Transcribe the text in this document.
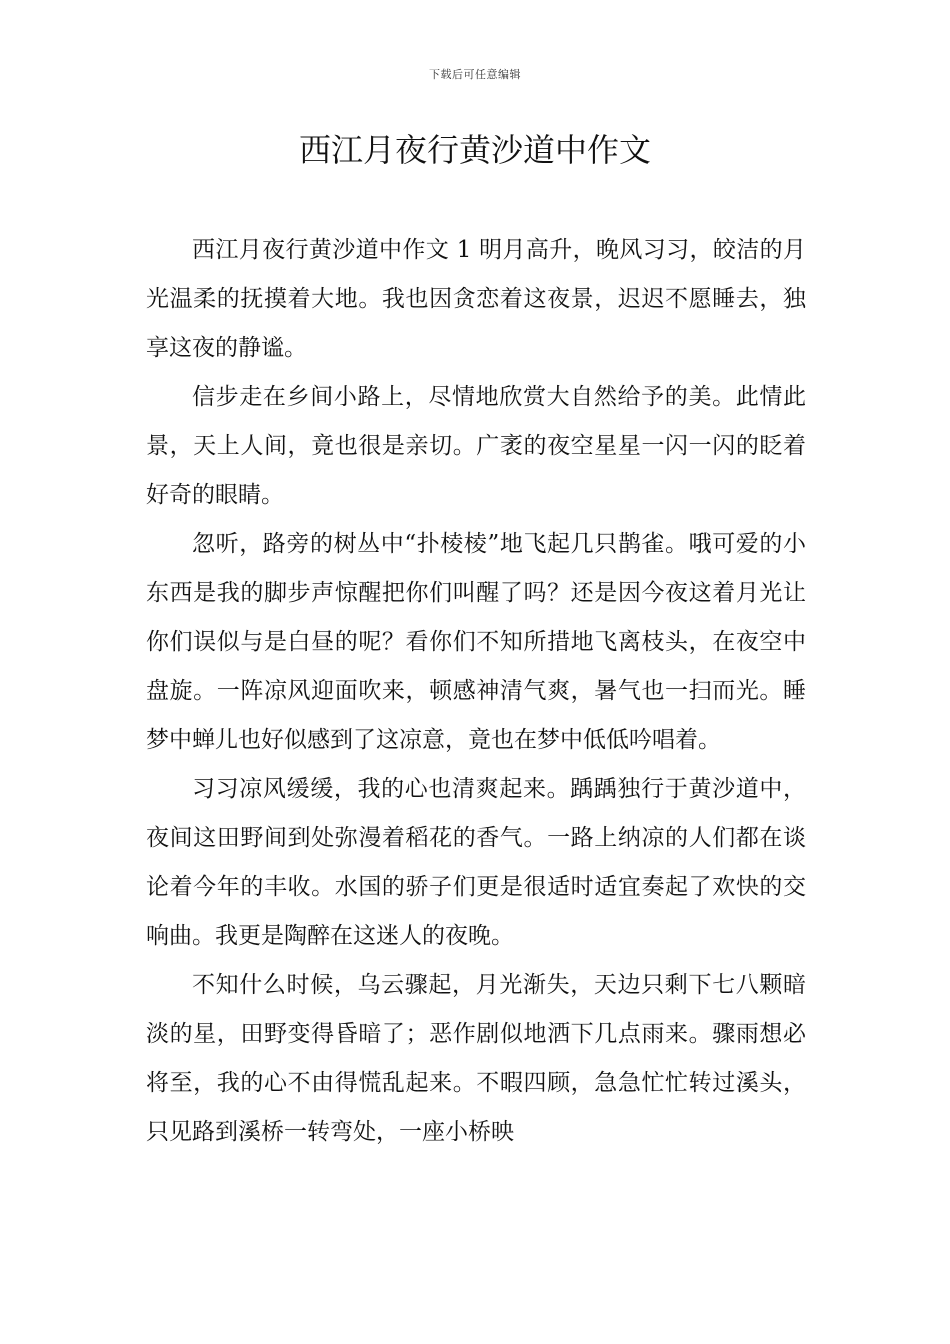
下载后可任意编辑
西江月夜行黄沙道中作文

西江月夜行黄沙道中作文 1 明月高升，晚风习习，皎洁的月光温柔的抚摸着大地。我也因贪恋着这夜景，迟迟不愿睡去，独享这夜的静谧。

信步走在乡间小路上，尽情地欣赏大自然给予的美。此情此景，天上人间，竟也很是亲切。广袤的夜空星星一闪一闪的眨着好奇的眼睛。

忽听，路旁的树丛中“扑棱棱”地飞起几只鹊雀。哦可爱的小东西是我的脚步声惊醒把你们叫醒了吗？还是因今夜这着月光让你们误似与是白昼的呢？看你们不知所措地飞离枝头，在夜空中盘旋。一阵凉风迎面吹来，顿感神清气爽，暑气也一扫而光。睡梦中蝉儿也好似感到了这凉意，竟也在梦中低低吟唱着。

习习凉风缓缓，我的心也清爽起来。踽踽独行于黄沙道中，夜间这田野间到处弥漫着稻花的香气。一路上纳凉的人们都在谈论着今年的丰收。水国的骄子们更是很适时适宜奏起了欢快的交响曲。我更是陶醉在这迷人的夜晚。

不知什么时候，乌云骤起，月光渐失，天边只剩下七八颗暗淡的星，田野变得昏暗了；恶作剧似地洒下几点雨来。骤雨想必将至，我的心不由得慌乱起来。不暇四顾，急急忙忙转过溪头，只见路到溪桥一转弯处，一座小桥映
